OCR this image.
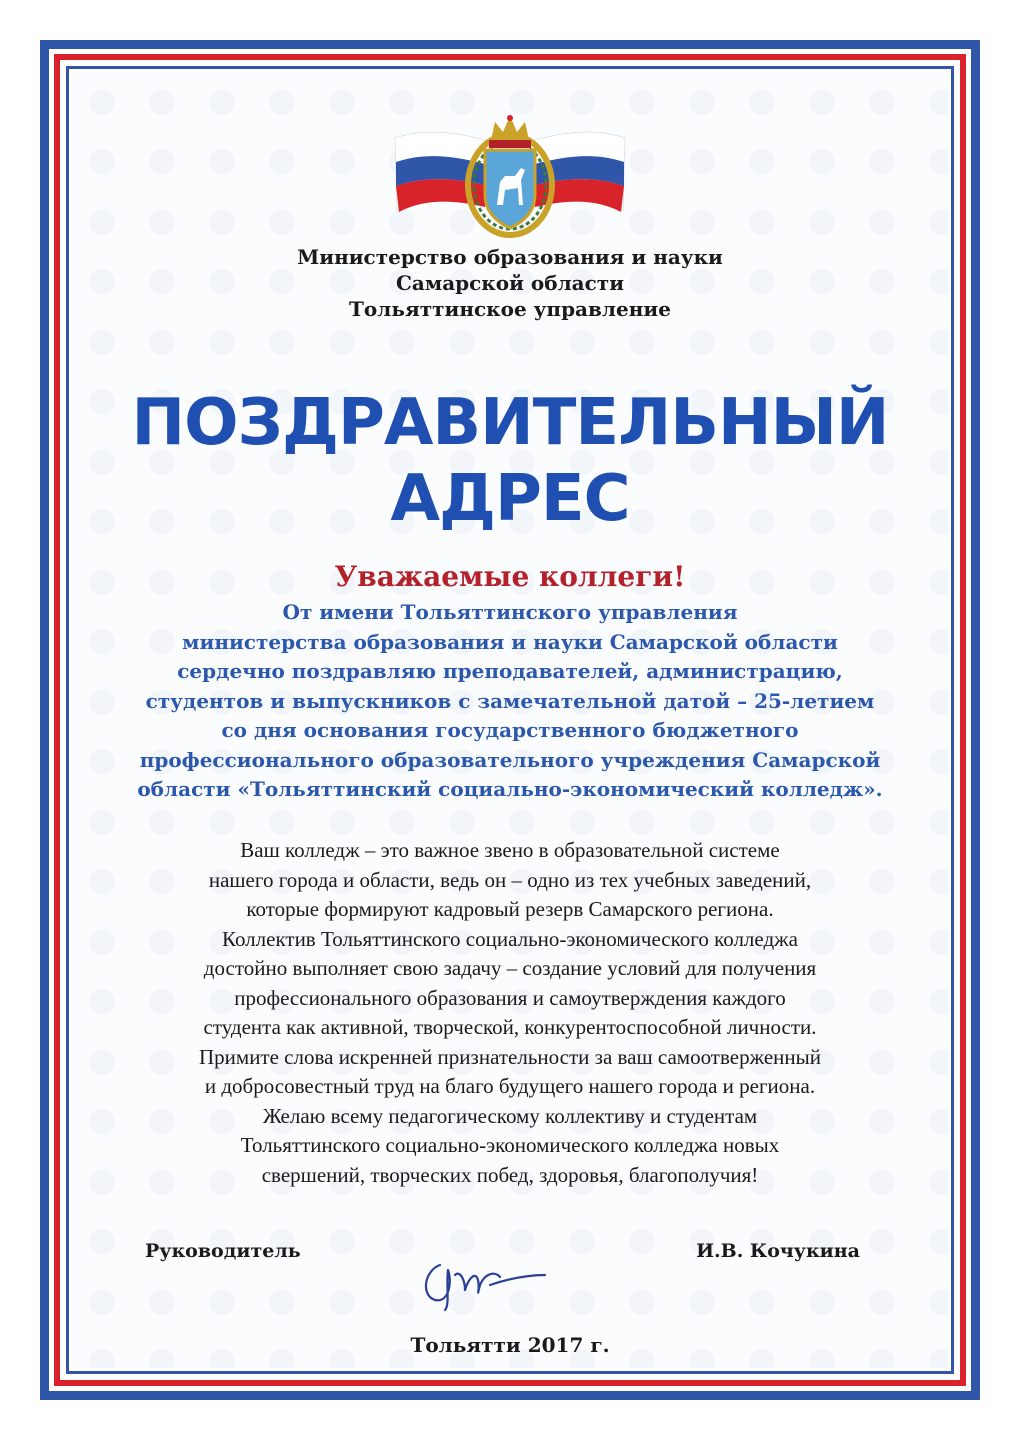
Министерство образования и науки
Самарской области
Тольяттинское управление
ПОЗДРАВИТЕЛЬНЫЙ
АДРЕС
Уважаемые коллеги!
От имени Тольяттинского управления
министерства образования и науки Самарской области
сердечно поздравляю преподавателей, администрацию,
студентов и выпускников с замечательной датой – 25-летием
со дня основания государственного бюджетного
профессионального образовательного учреждения Самарской
области «Тольяттинский социально-экономический колледж».
Ваш колледж – это важное звено в образовательной системе
нашего города и области, ведь он – одно из тех учебных заведений,
которые формируют кадровый резерв Самарского региона.
Коллектив Тольяттинского социально-экономического колледжа
достойно выполняет свою задачу – создание условий для получения
профессионального образования и самоутверждения каждого
студента как активной, творческой, конкурентоспособной личности.
Примите слова искренней признательности за ваш самоотверженный
и добросовестный труд на благо будущего нашего города и региона.
Желаю всему педагогическому коллективу и студентам
Тольяттинского социально-экономического колледжа новых
свершений, творческих побед, здоровья, благополучия!
Руководитель	И.В. Кочукина
Тольятти 2017 г.
